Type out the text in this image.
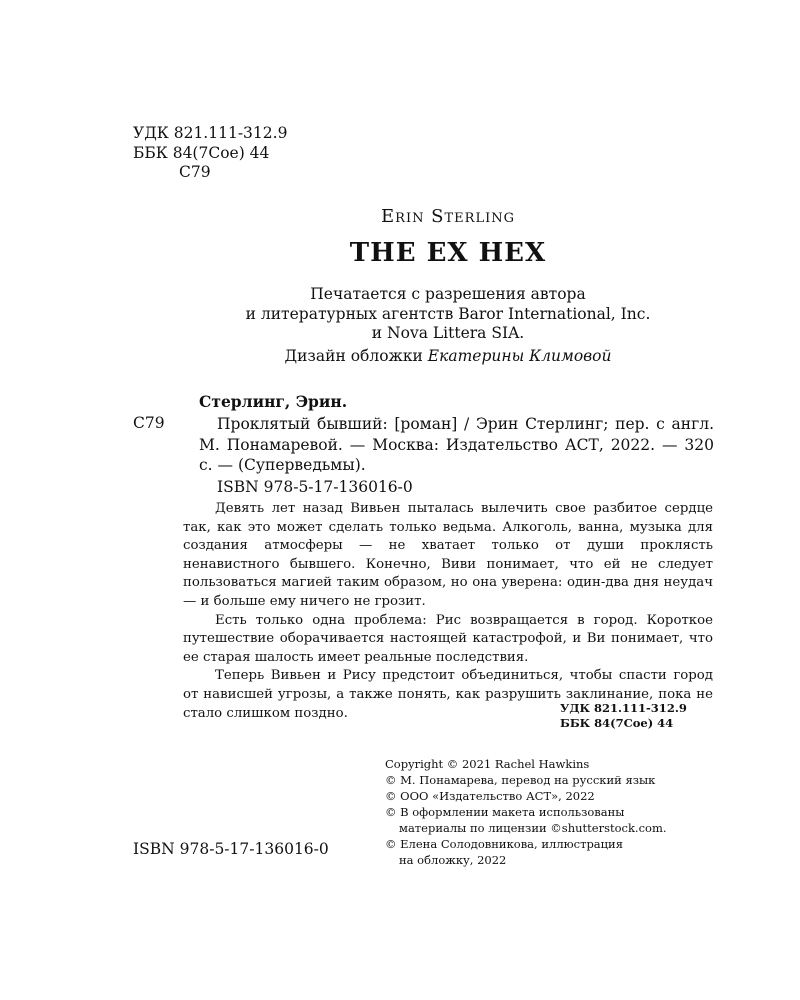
УДК 821.111-312.9
ББК 84(7Сое) 44
С79
Erin Sterling
THE EX HEX
Печатается с разрешения автора
и литературных агентств Baror International, Inc.
и Nova Littera SIA.
Дизайн обложки Екатерины Климовой
Стерлинг, Эрин.
С79	Проклятый бывший: [роман] / Эрин Стерлинг; пер. с англ. М. Понамаревой. — Москва: Издательство АСТ, 2022. — 320 с. — (Суперведьмы).
ISBN 978-5-17-136016-0

Девять лет назад Вивьен пыталась вылечить свое разбитое сердце так, как это может сделать только ведьма. Алкоголь, ванна, музыка для создания атмосферы — не хватает только от души проклясть ненавистного бывшего. Конечно, Виви понимает, что ей не следует пользоваться магией таким образом, но она уверена: один-два дня неудач — и больше ему ничего не грозит.

Есть только одна проблема: Рис возвращается в город. Короткое путешествие оборачивается настоящей катастрофой, и Ви понимает, что ее старая шалость имеет реальные последствия.

Теперь Вивьен и Рису предстоит объединиться, чтобы спасти город от нависшей угрозы, а также понять, как разрушить заклинание, пока не стало слишком поздно.	УДК 821.111-312.9
ББК 84(7Сое) 44
Copyright © 2021 Rachel Hawkins
© М. Понамарева, перевод на русский язык
© ООО «Издательство АСТ», 2022
© В оформлении макета использованы
материалы по лицензии ©shutterstock.com.
© Елена Солодовникова, иллюстрация
на обложку, 2022
ISBN 978-5-17-136016-0
